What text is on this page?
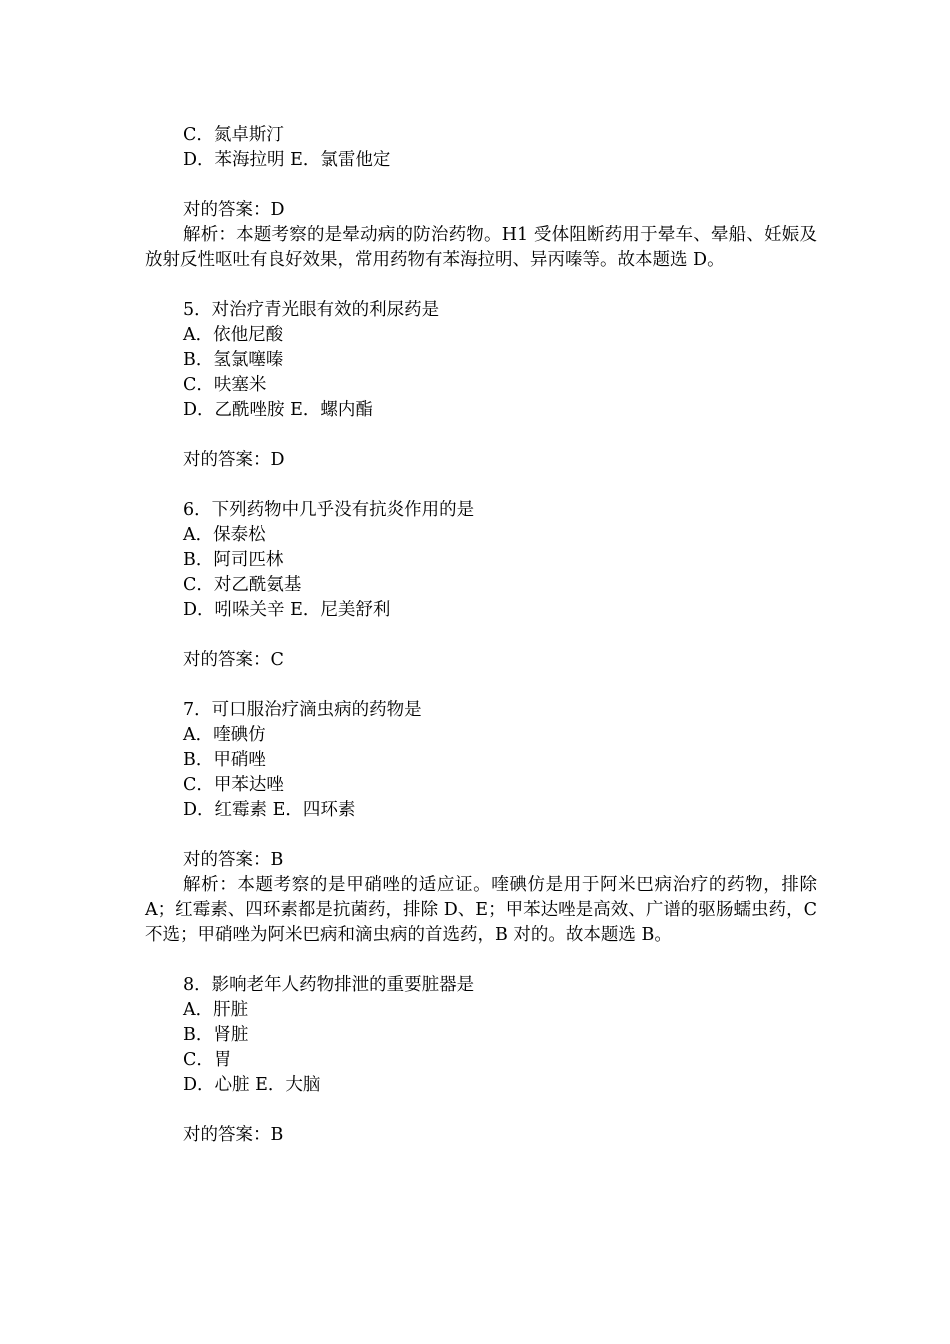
C．氮卓斯汀
D．苯海拉明 E．氯雷他定
对的答案：D
解析：本题考察的是晕动病的防治药物。H1 受体阻断药用于晕车、晕船、妊娠及放射反性呕吐有良好效果，常用药物有苯海拉明、异丙嗪等。故本题选 D。
5．对治疗青光眼有效的利尿药是
A．依他尼酸
B．氢氯噻嗪
C．呋塞米
D．乙酰唑胺 E．螺内酯
对的答案：D
6．下列药物中几乎没有抗炎作用的是
A．保泰松
B．阿司匹林
C．对乙酰氨基
D．吲哚关辛 E．尼美舒利
对的答案：C
7．可口服治疗滴虫病的药物是
A．喹碘仿
B．甲硝唑
C．甲苯达唑
D．红霉素 E．四环素
对的答案：B
解析：本题考察的是甲硝唑的适应证。喹碘仿是用于阿米巴病治疗的药物，排除 A；红霉素、四环素都是抗菌药，排除 D、E；甲苯达唑是高效、广谱的驱肠蠕虫药，C 不选；甲硝唑为阿米巴病和滴虫病的首选药，B 对的。故本题选 B。
8．影响老年人药物排泄的重要脏器是
A．肝脏
B．肾脏
C．胃
D．心脏 E．大脑
对的答案：B
